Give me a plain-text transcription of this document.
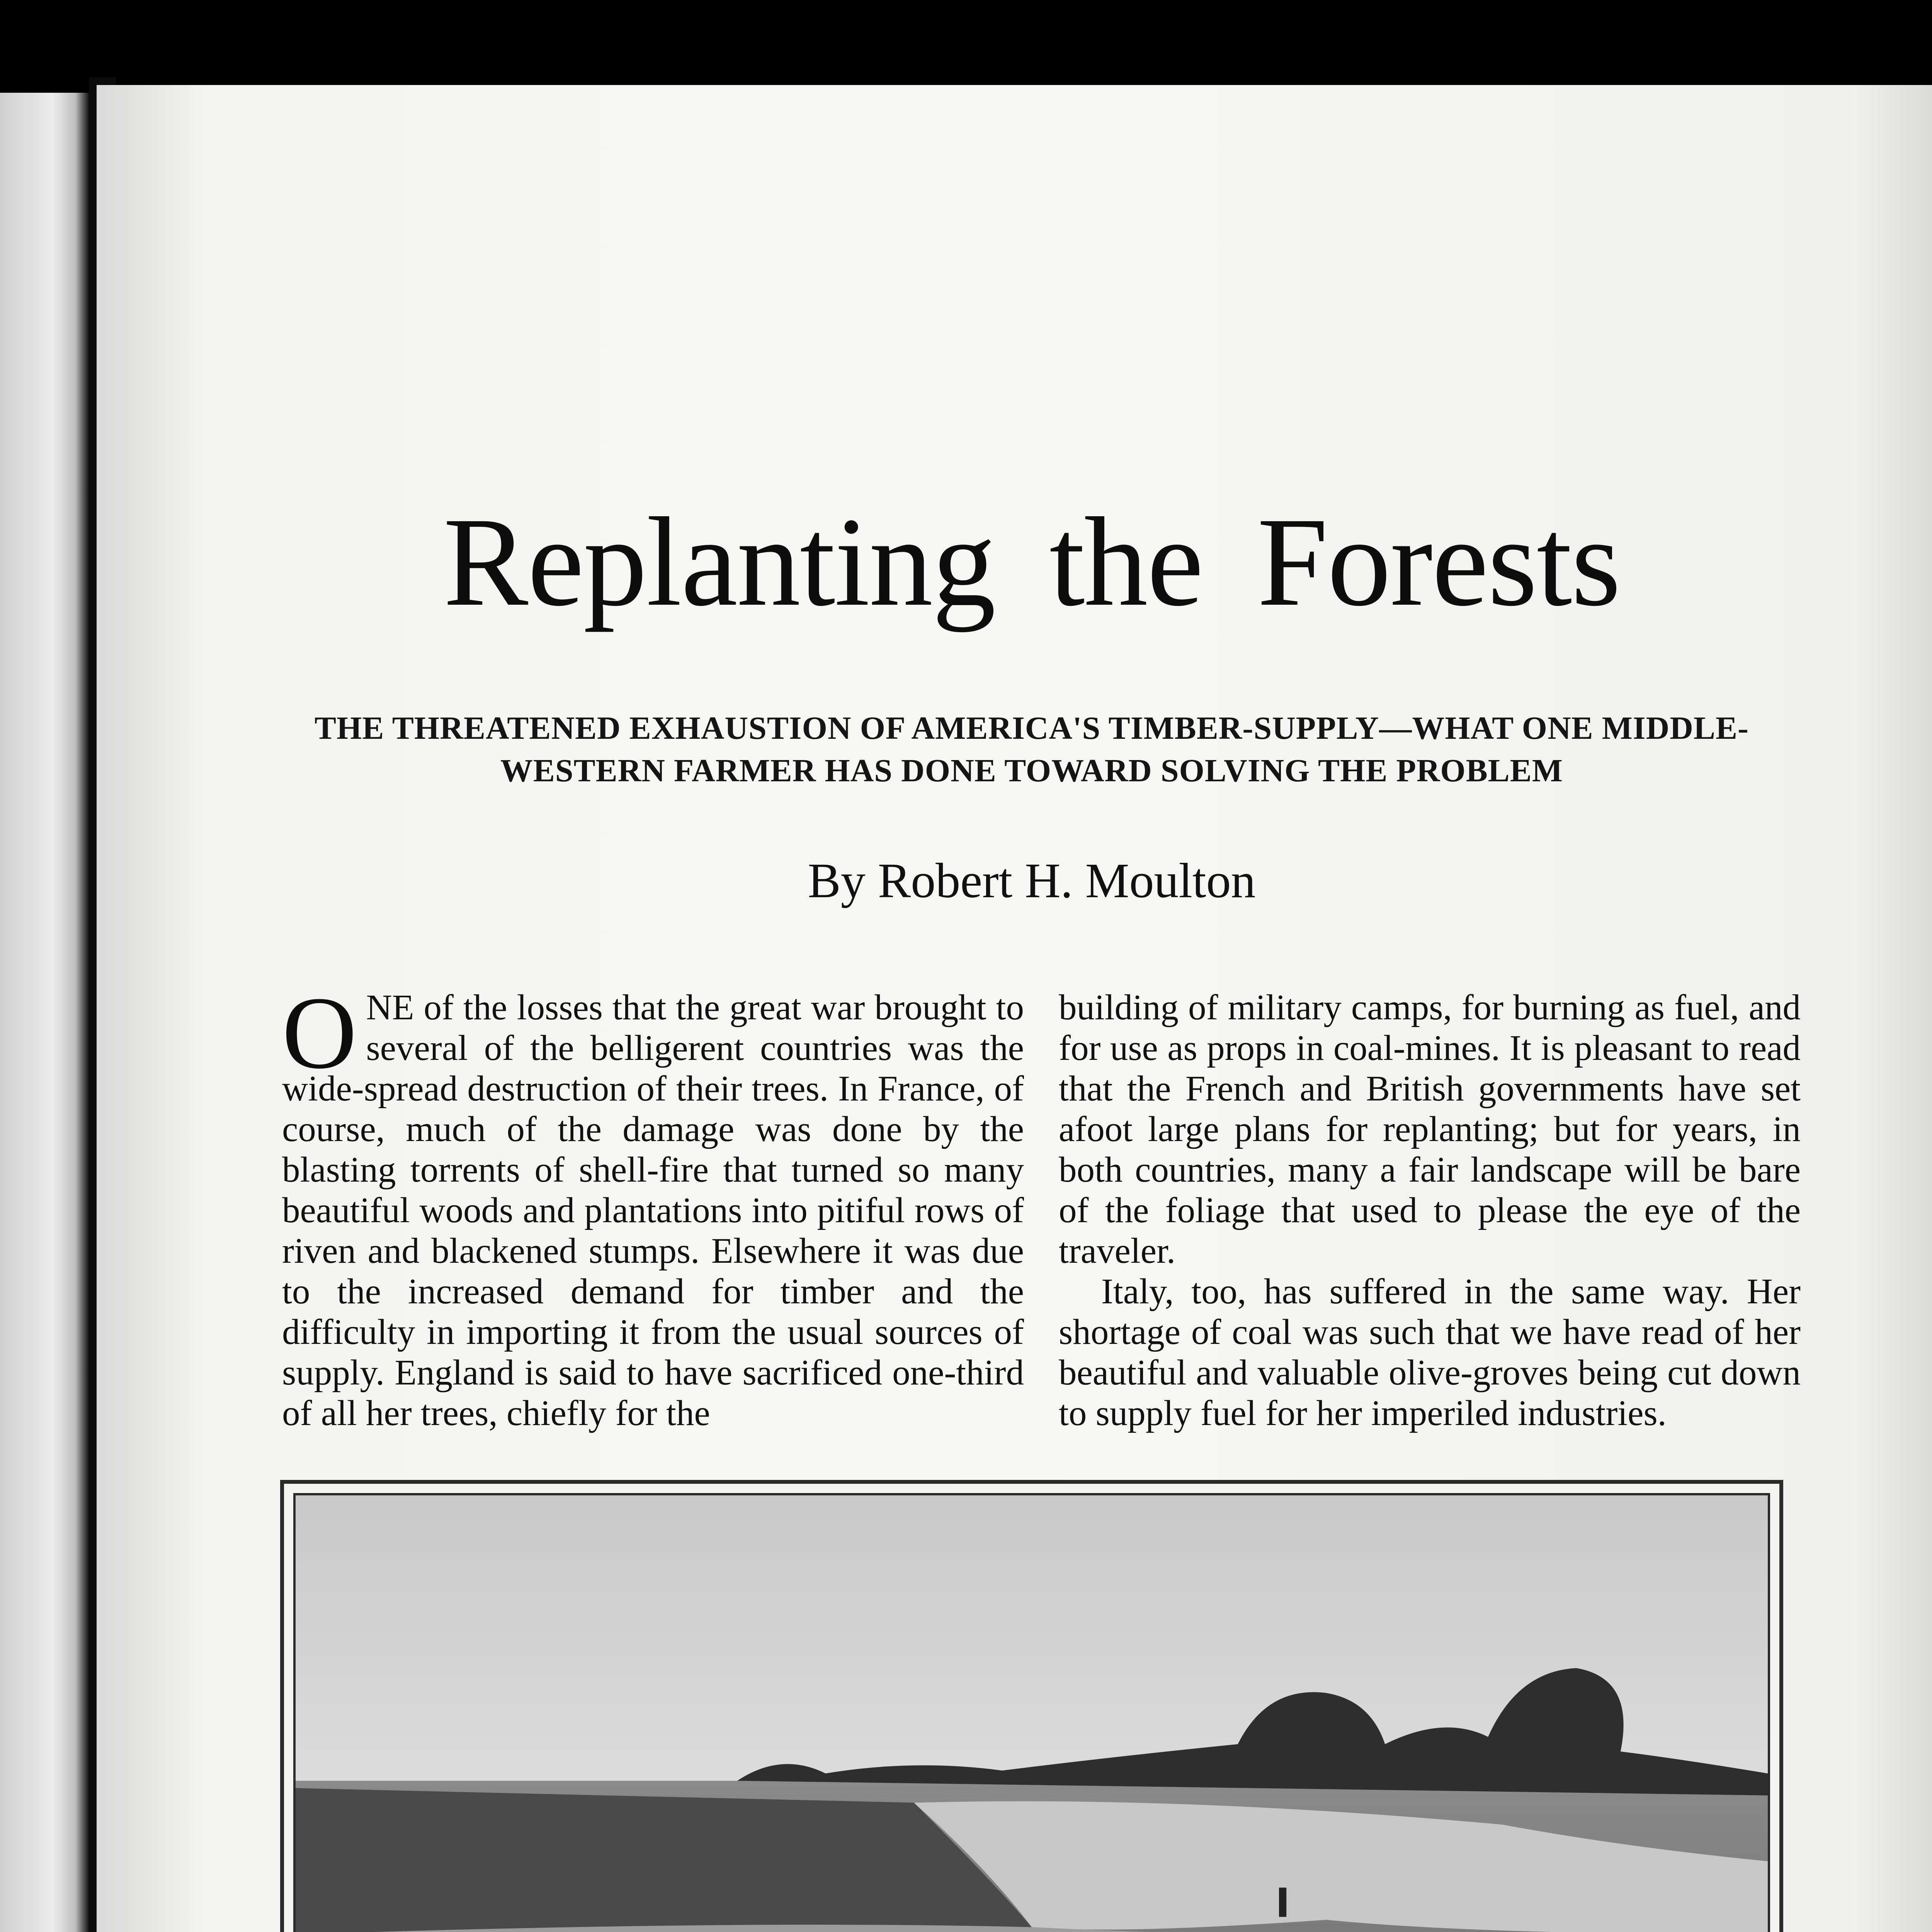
Replanting the Forests
THE THREATENED EXHAUSTION OF AMERICA'S TIMBER-SUPPLY—WHAT ONE MIDDLE-WESTERN FARMER HAS DONE TOWARD SOLVING THE PROBLEM
By Robert H. Moulton

ONE of the losses that the great war brought to several of the belligerent countries was the wide-spread destruction of their trees. In France, of course, much of the damage was done by the blasting torrents of shell-fire that turned so many beautiful woods and plantations into pitiful rows of riven and blackened stumps. Elsewhere it was due to the increased demand for timber and the difficulty in importing it from the usual sources of supply. England is said to have sacrificed one-third of all her trees, chiefly for the

building of military camps, for burning as fuel, and for use as props in coal-mines. It is pleasant to read that the French and British governments have set afoot large plans for replanting; but for years, in both countries, many a fair landscape will be bare of the foliage that used to please the eye of the traveler.

Italy, too, has suffered in the same way. Her shortage of coal was such that we have read of her beautiful and valuable olive-groves being cut down to supply fuel for her imperiled industries.
